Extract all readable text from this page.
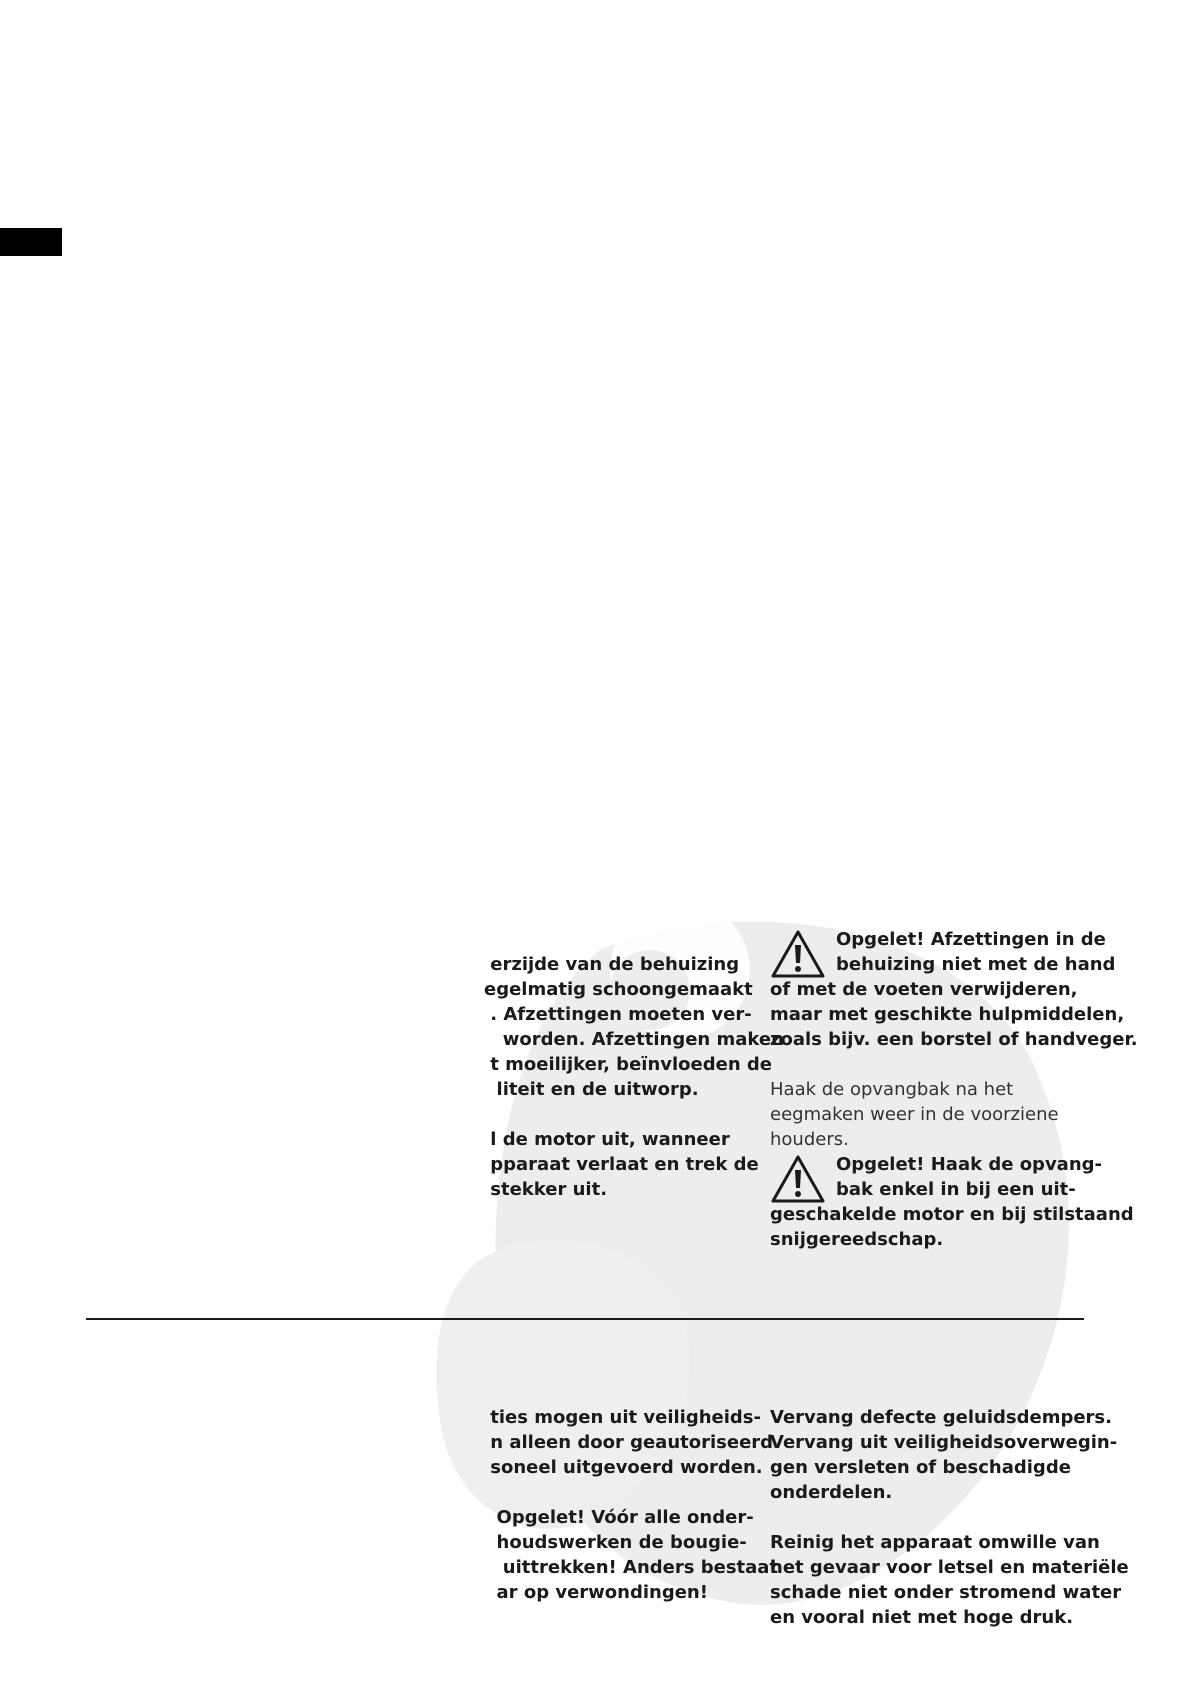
erzijde van de behuizing

egelmatig schoongemaakt

. Afzettingen moeten ver-

worden. Afzettingen maken

t moeilijker, beïnvloeden de

liteit en de uitworp.

l de motor uit, wanneer

pparaat verlaat en trek de

stekker uit.

Opgelet! Afzettingen in de

behuizing niet met de hand

of met de voeten verwijderen,

maar met geschikte hulpmiddelen,

zoals bijv. een borstel of handveger.

Haak de opvangbak na het

eegmaken weer in de voorziene

houders.

Opgelet! Haak de opvang-

bak enkel in bij een uit-

geschakelde motor en bij stilstaand

snijgereedschap.

ties mogen uit veiligheids-

n alleen door geautoriseerd

soneel uitgevoerd worden.

Opgelet! Vóór alle onder-

houdswerken de bougie-

uittrekken! Anders bestaat

ar op verwondingen!

Vervang defecte geluidsdempers.

Vervang uit veiligheidsoverwegin-

gen versleten of beschadigde

onderdelen.

Reinig het apparaat omwille van

het gevaar voor letsel en materiële

schade niet onder stromend water

en vooral niet met hoge druk.
